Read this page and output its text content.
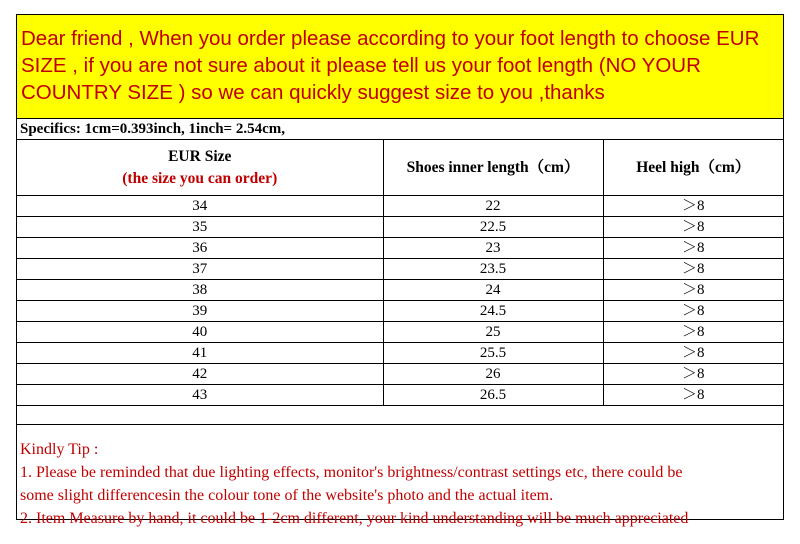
Dear friend , When you order please according to your foot length to choose EUR
SIZE , if you are not sure about it please tell us your foot length (NO YOUR
COUNTRY SIZE ) so we can quickly suggest size to you ,thanks
Specifics: 1cm=0.393inch, 1inch= 2.54cm,
EUR Size
(the size you can order)	Shoes inner length（cm）	Heel high（cm）
34	22	＞8
35	22.5	＞8
36	23	＞8
37	23.5	＞8
38	24	＞8
39	24.5	＞8
40	25	＞8
41	25.5	＞8
42	26	＞8
43	26.5	＞8
Kindly Tip :
1. Please be reminded that due lighting effects, monitor's brightness/contrast settings etc, there could be
some slight differencesin the colour tone of the website's photo and the actual item.
2. Item Measure by hand, it could be 1-2cm different, your kind understanding will be much appreciated
